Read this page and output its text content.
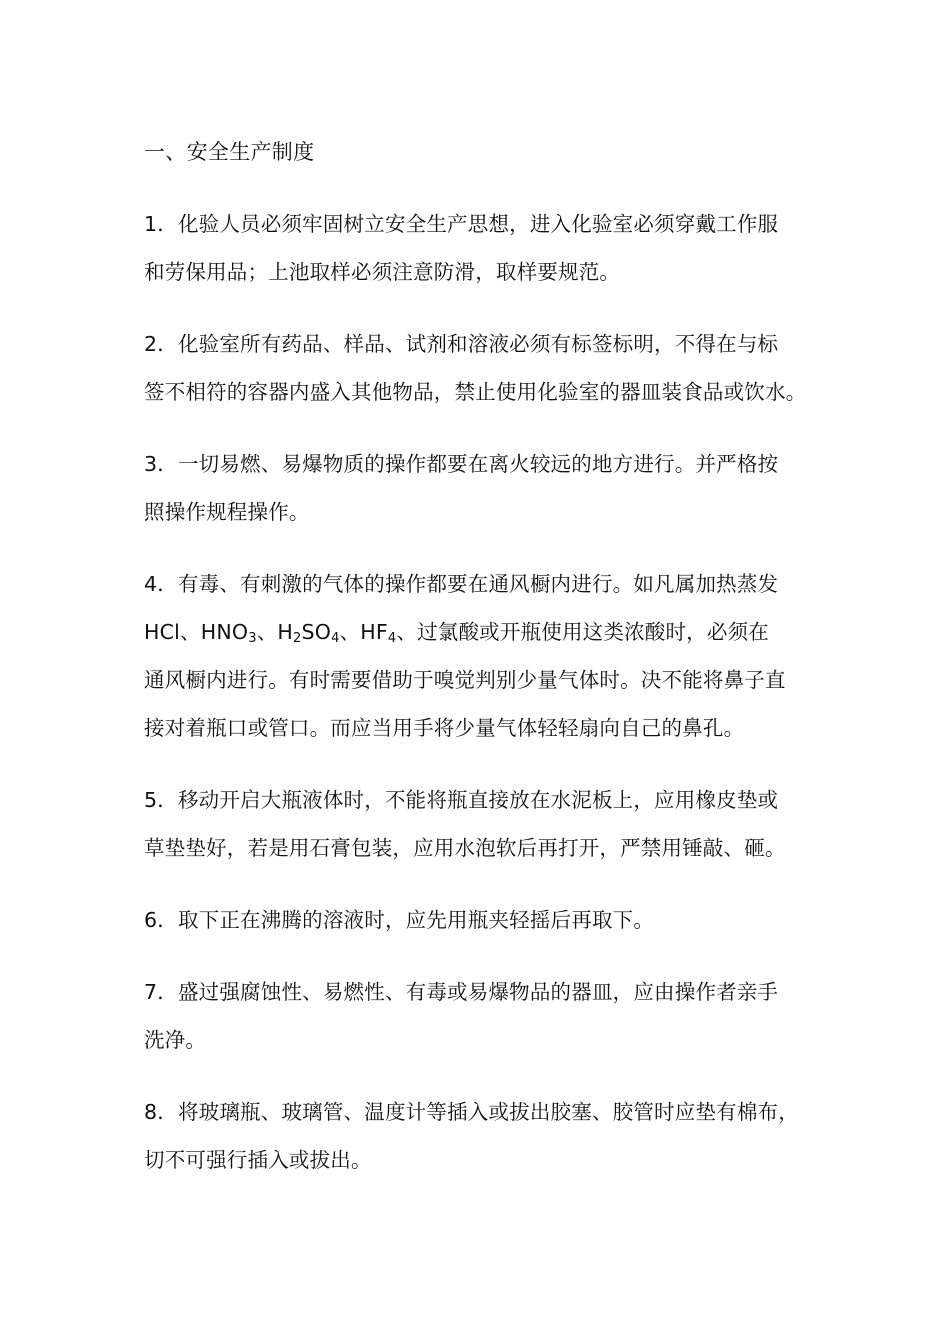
一、安全生产制度
1．化验人员必须牢固树立安全生产思想，进入化验室必须穿戴工作服
和劳保用品；上池取样必须注意防滑，取样要规范。
2．化验室所有药品、样品、试剂和溶液必须有标签标明，不得在与标
签不相符的容器内盛入其他物品，禁止使用化验室的器皿装食品或饮水。
3．一切易燃、易爆物质的操作都要在离火较远的地方进行。并严格按
照操作规程操作。
4．有毒、有刺激的气体的操作都要在通风橱内进行。如凡属加热蒸发
HCl、$HNO_3$、$H_2SO_4$、$HF_4$、过氯酸或开瓶使用这类浓酸时，必须在
通风橱内进行。有时需要借助于嗅觉判别少量气体时。决不能将鼻子直
接对着瓶口或管口。而应当用手将少量气体轻轻扇向自己的鼻孔。
5．移动开启大瓶液体时，不能将瓶直接放在水泥板上，应用橡皮垫或
草垫垫好，若是用石膏包装，应用水泡软后再打开，严禁用锤敲、砸。
6．取下正在沸腾的溶液时，应先用瓶夹轻摇后再取下。
7．盛过强腐蚀性、易燃性、有毒或易爆物品的器皿，应由操作者亲手
洗净。
8．将玻璃瓶、玻璃管、温度计等插入或拔出胶塞、胶管时应垫有棉布，
切不可强行插入或拔出。
